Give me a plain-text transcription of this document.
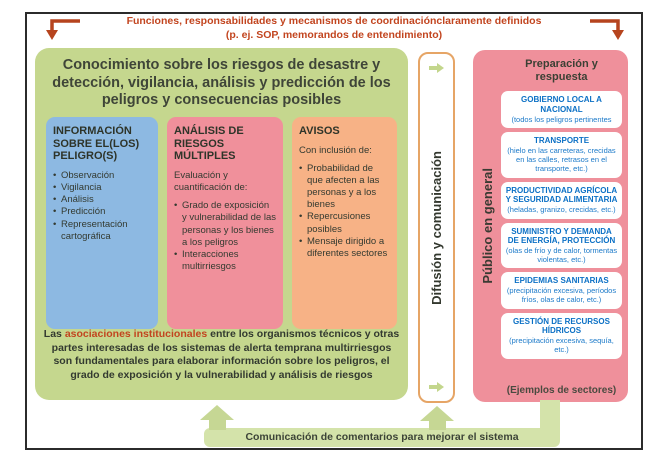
Funciones, responsabilidades y mecanismos de coordinaciónclaramente definidos
(p. ej. SOP, memorandos de entendimiento)
Conocimiento sobre los riesgos de desastre y detección, vigilancia, análisis y predicción de los peligros y consecuencias posibles
INFORMACIÓN SOBRE EL(LOS) PELIGRO(S)
• Observación
• Vigilancia
• Análisis
• Predicción
• Representación cartográfica
ANÁLISIS DE RIESGOS MÚLTIPLES
Evaluación y cuantificación de:
• Grado de exposición y vulnerabilidad de las personas y los bienes a los peligros
• Interacciones multirriesgos
AVISOS
Con inclusión de:
• Probabilidad de que afecten a las personas y a los bienes
• Repercusiones posibles
• Mensaje dirigido a diferentes sectores

Las asociaciones institucionales entre los organismos técnicos y otras partes interesadas de los sistemas de alerta temprana multirriesgos son fundamentales para elaborar información sobre los peligros, el grado de exposición y la vulnerabilidad y análisis de riesgos

Difusión y comunicación	Público en general
Preparación y respuesta
GOBIERNO LOCAL A NACIONAL
(todos los peligros pertinentes
TRANSPORTE
(hielo en las carreteras, crecidas en las calles, retrasos en el transporte, etc.)
PRODUCTIVIDAD AGRÍCOLA Y SEGURIDAD ALIMENTARIA
(heladas, granizo, crecidas, etc.)
SUMINISTRO Y DEMANDA DE ENERGÍA, PROTECCIÓN
(olas de frío y de calor, tormentas violentas, etc.)
EPIDEMIAS SANITARIAS
(precipitación excesiva, períodos fríos, olas de calor, etc.)
GESTIÓN DE RECURSOS HÍDRICOS
(precipitación excesiva, sequía, etc.)
(Ejemplos de sectores)
Comunicación de comentarios para mejorar el sistema
